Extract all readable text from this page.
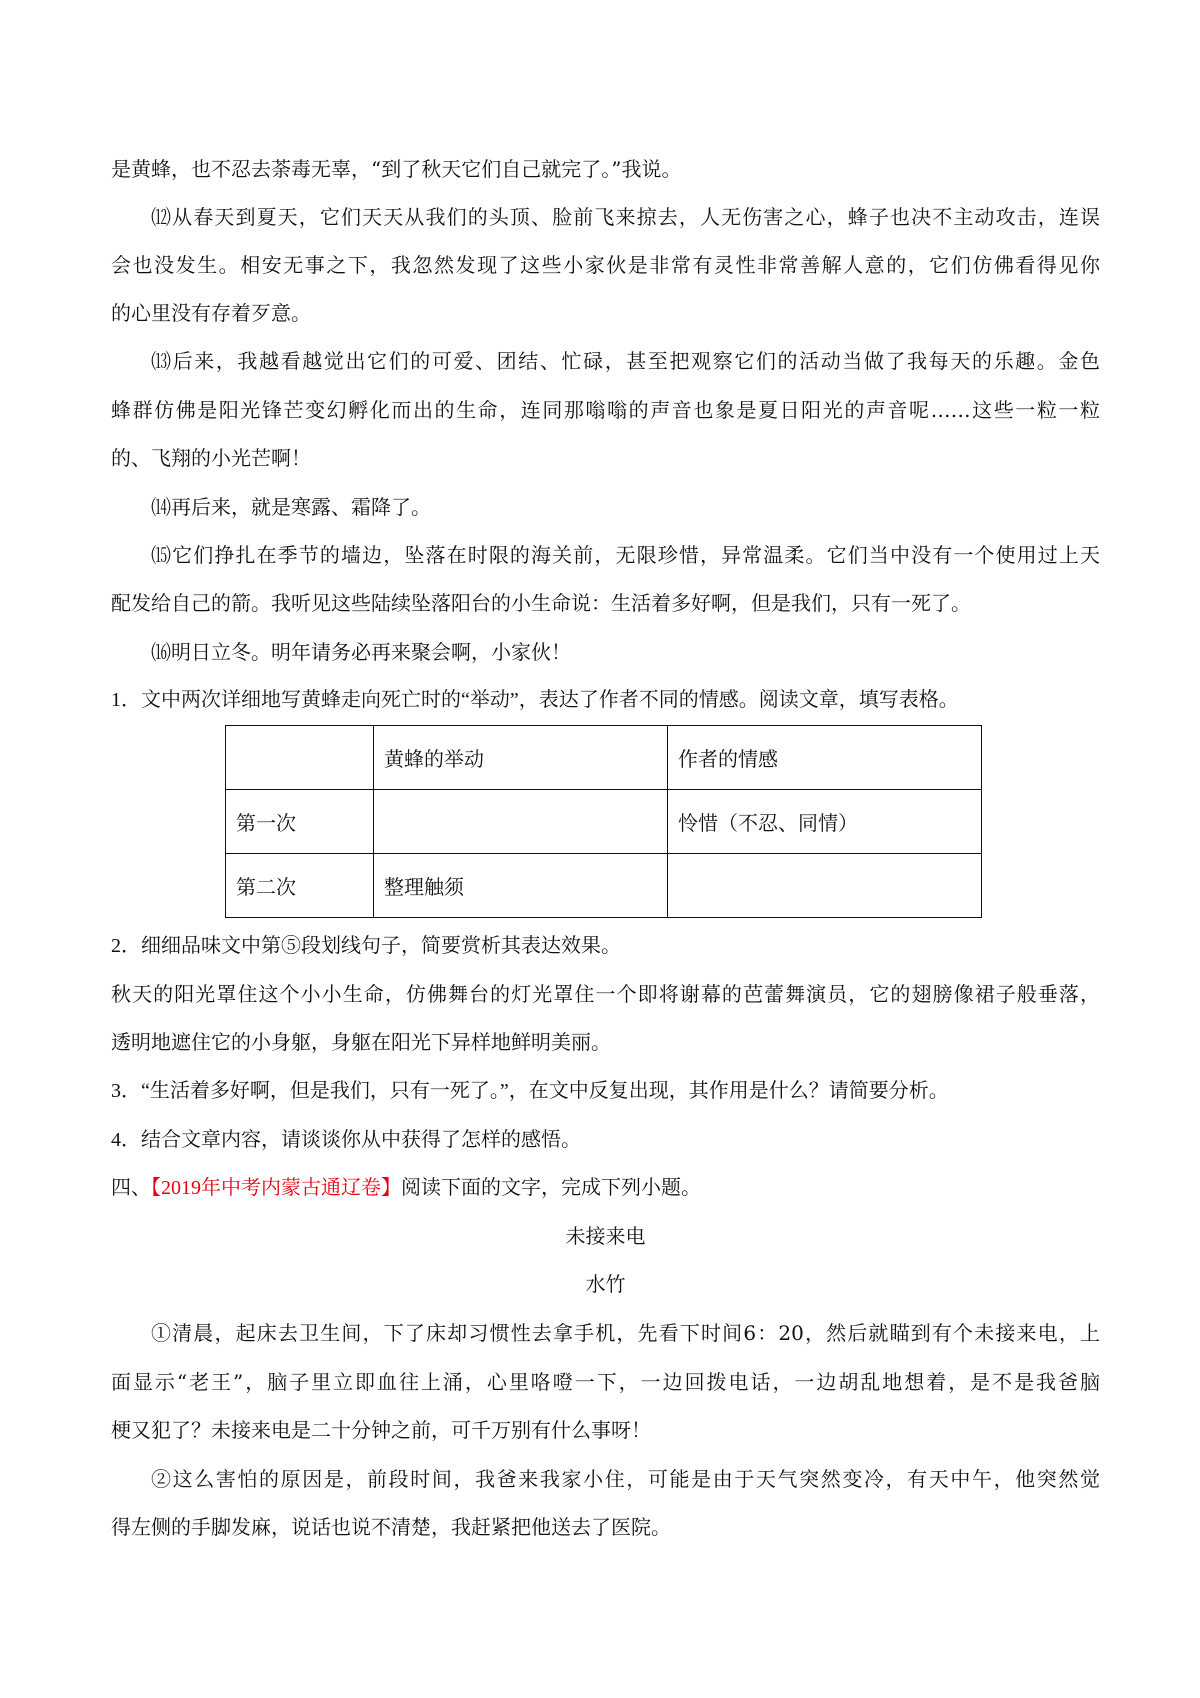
是黄蜂，也不忍去荼毒无辜，“到了秋天它们自己就完了。”我说。
⑿从春天到夏天，它们天天从我们的头顶、脸前飞来掠去，人无伤害之心，蜂子也决不主动攻击，连误
会也没发生。相安无事之下，我忽然发现了这些小家伙是非常有灵性非常善解人意的，它们仿佛看得见你
的心里没有存着歹意。
⒀后来，我越看越觉出它们的可爱、团结、忙碌，甚至把观察它们的活动当做了我每天的乐趣。金色
蜂群仿佛是阳光锋芒变幻孵化而出的生命，连同那嗡嗡的声音也象是夏日阳光的声音呢……这些一粒一粒
的、飞翔的小光芒啊！
⒁再后来，就是寒露、霜降了。
⒂它们挣扎在季节的墙边，坠落在时限的海关前，无限珍惜，异常温柔。它们当中没有一个使用过上天
配发给自己的箭。我听见这些陆续坠落阳台的小生命说：生活着多好啊，但是我们，只有一死了。
⒃明日立冬。明年请务必再来聚会啊，小家伙！
1．文中两次详细地写黄蜂走向死亡时的“举动”，表达了作者不同的情感。阅读文章，填写表格。
	黄蜂的举动	作者的情感
第一次		怜惜（不忍、同情）
第二次	整理触须	
2．细细品味文中第⑤段划线句子，简要赏析其表达效果。
秋天的阳光罩住这个小小生命，仿佛舞台的灯光罩住一个即将谢幕的芭蕾舞演员，它的翅膀像裙子般垂落，
透明地遮住它的小身躯，身躯在阳光下异样地鲜明美丽。
3．“生活着多好啊，但是我们，只有一死了。”，在文中反复出现，其作用是什么？请简要分析。
4．结合文章内容，请谈谈你从中获得了怎样的感悟。
四、【2019年中考内蒙古通辽卷】阅读下面的文字，完成下列小题。
未接来电
水竹
①清晨，起床去卫生间，下了床却习惯性去拿手机，先看下时间6：20，然后就瞄到有个未接来电，上
面显示“老王”，脑子里立即血往上涌，心里咯噔一下，一边回拨电话，一边胡乱地想着，是不是我爸脑
梗又犯了？未接来电是二十分钟之前，可千万别有什么事呀！
②这么害怕的原因是，前段时间，我爸来我家小住，可能是由于天气突然变冷，有天中午，他突然觉
得左侧的手脚发麻，说话也说不清楚，我赶紧把他送去了医院。
